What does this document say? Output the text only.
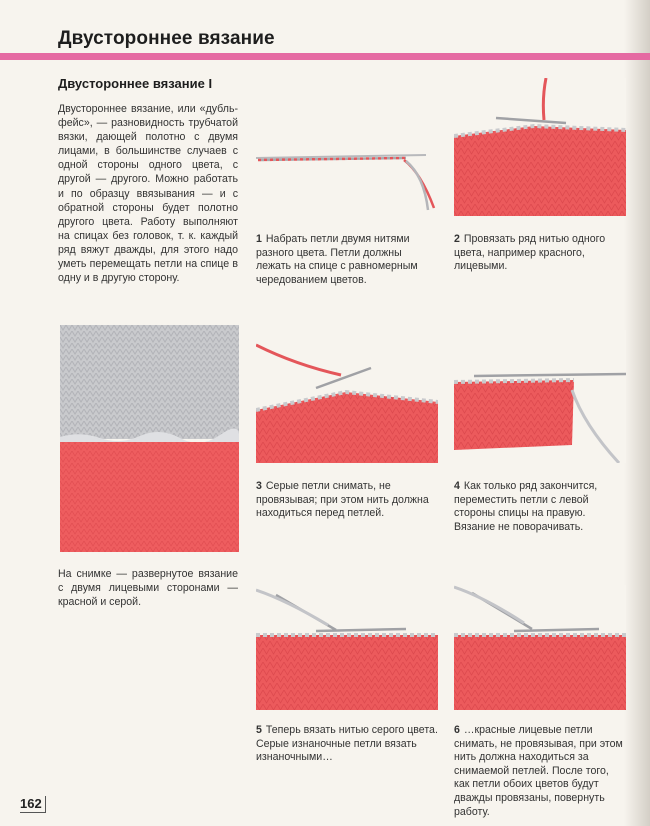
Двустороннее вязание
Двустороннее вязание I

Двустороннее вязание, или «дубль-фейс», — разновидность трубчатой вязки, дающей полотно с двумя лицами, в большинстве случаев с одной стороны одного цвета, с другой — другого. Можно работать и по образцу ввязывания — и с обратной стороны будет полотно другого цвета. Работу выполняют на спицах без головок, т. к. каждый ряд вяжут дважды, для этого надо уметь перемещать петли на спице в одну и в другую сторону.

На снимке — развернутое вязание с двумя лицевыми сторонами — красной и серой.

1 Набрать петли двумя нитями разного цвета. Петли должны лежать на спице с равномерным чередованием цветов.

2 Провязать ряд нитью одного цвета, например красного, лицевыми.

3 Серые петли снимать, не провязывая; при этом нить должна находиться перед петлей.

4 Как только ряд закончится, переместить петли с левой стороны спицы на правую. Вязание не поворачивать.

5 Теперь вязать нитью серого цвета. Серые изнаночные петли вязать изнаночными…

6 …красные лицевые петли снимать, не провязывая, при этом нить должна находиться за снимаемой петлей. После того, как петли обоих цветов будут дважды провязаны, повернуть работу.

162
